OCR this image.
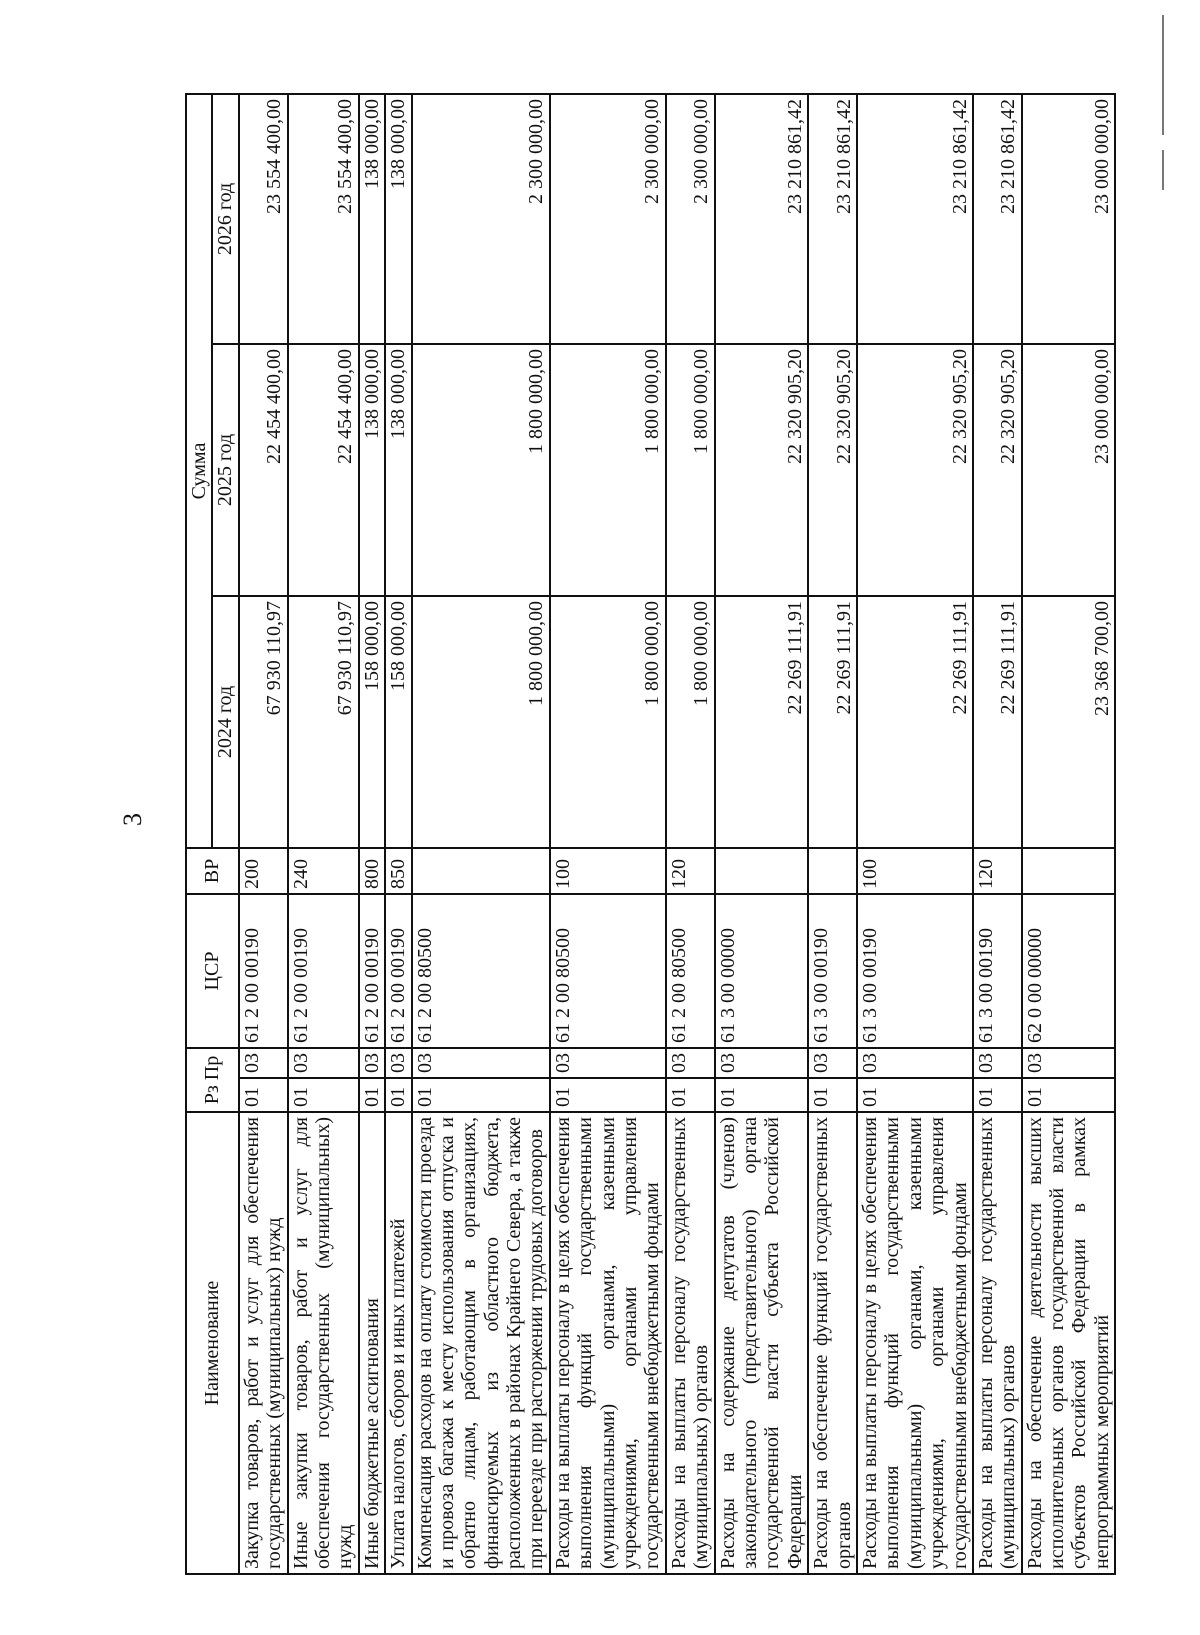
3
Наименование	Рз Пр		ЦСР	ВР	Сумма		
					2024 год	2025 год	2026 год
Закупка товаров, работ и услуг для обеспечения государственных (муниципальных) нужд	01	03	61 2 00 00190	200	67 930 110,97	22 454 400,00	23 554 400,00
Иные закупки товаров, работ и услуг для обеспечения государственных (муниципальных) нужд	01	03	61 2 00 00190	240	67 930 110,97	22 454 400,00	23 554 400,00
Иные бюджетные ассигнования	01	03	61 2 00 00190	800	158 000,00	138 000,00	138 000,00
Уплата налогов, сборов и иных платежей	01	03	61 2 00 00190	850	158 000,00	138 000,00	138 000,00
Компенсация расходов на оплату стоимости проезда и провоза багажа к месту использования отпуска и обратно лицам, работающим в организациях, финансируемых из областного бюджета, расположенных в районах Крайнего Севера, а также при переезде при расторжении трудовых договоров	01	03	61 2 00 80500		1 800 000,00	1 800 000,00	2 300 000,00
Расходы на выплаты персоналу в целях обеспечения выполнения функций государственными (муниципальными) органами, казенными учреждениями, органами управления государственными внебюджетными фондами	01	03	61 2 00 80500	100	1 800 000,00	1 800 000,00	2 300 000,00
Расходы на выплаты персоналу государственных (муниципальных) органов	01	03	61 2 00 80500	120	1 800 000,00	1 800 000,00	2 300 000,00
Расходы на содержание депутатов (членов) законодательного (представительного) органа государственной власти субъекта Российской Федерации	01	03	61 3 00 00000		22 269 111,91	22 320 905,20	23 210 861,42
Расходы на обеспечение функций государственных органов	01	03	61 3 00 00190		22 269 111,91	22 320 905,20	23 210 861,42
Расходы на выплаты персоналу в целях обеспечения выполнения функций государственными (муниципальными) органами, казенными учреждениями, органами управления государственными внебюджетными фондами	01	03	61 3 00 00190	100	22 269 111,91	22 320 905,20	23 210 861,42
Расходы на выплаты персоналу государственных (муниципальных) органов	01	03	61 3 00 00190	120	22 269 111,91	22 320 905,20	23 210 861,42
Расходы на обеспечение деятельности высших исполнительных органов государственной власти субъектов Российской Федерации в рамках непрограммных мероприятий	01	03	62 0 00 00000		23 368 700,00	23 000 000,00	23 000 000,00
